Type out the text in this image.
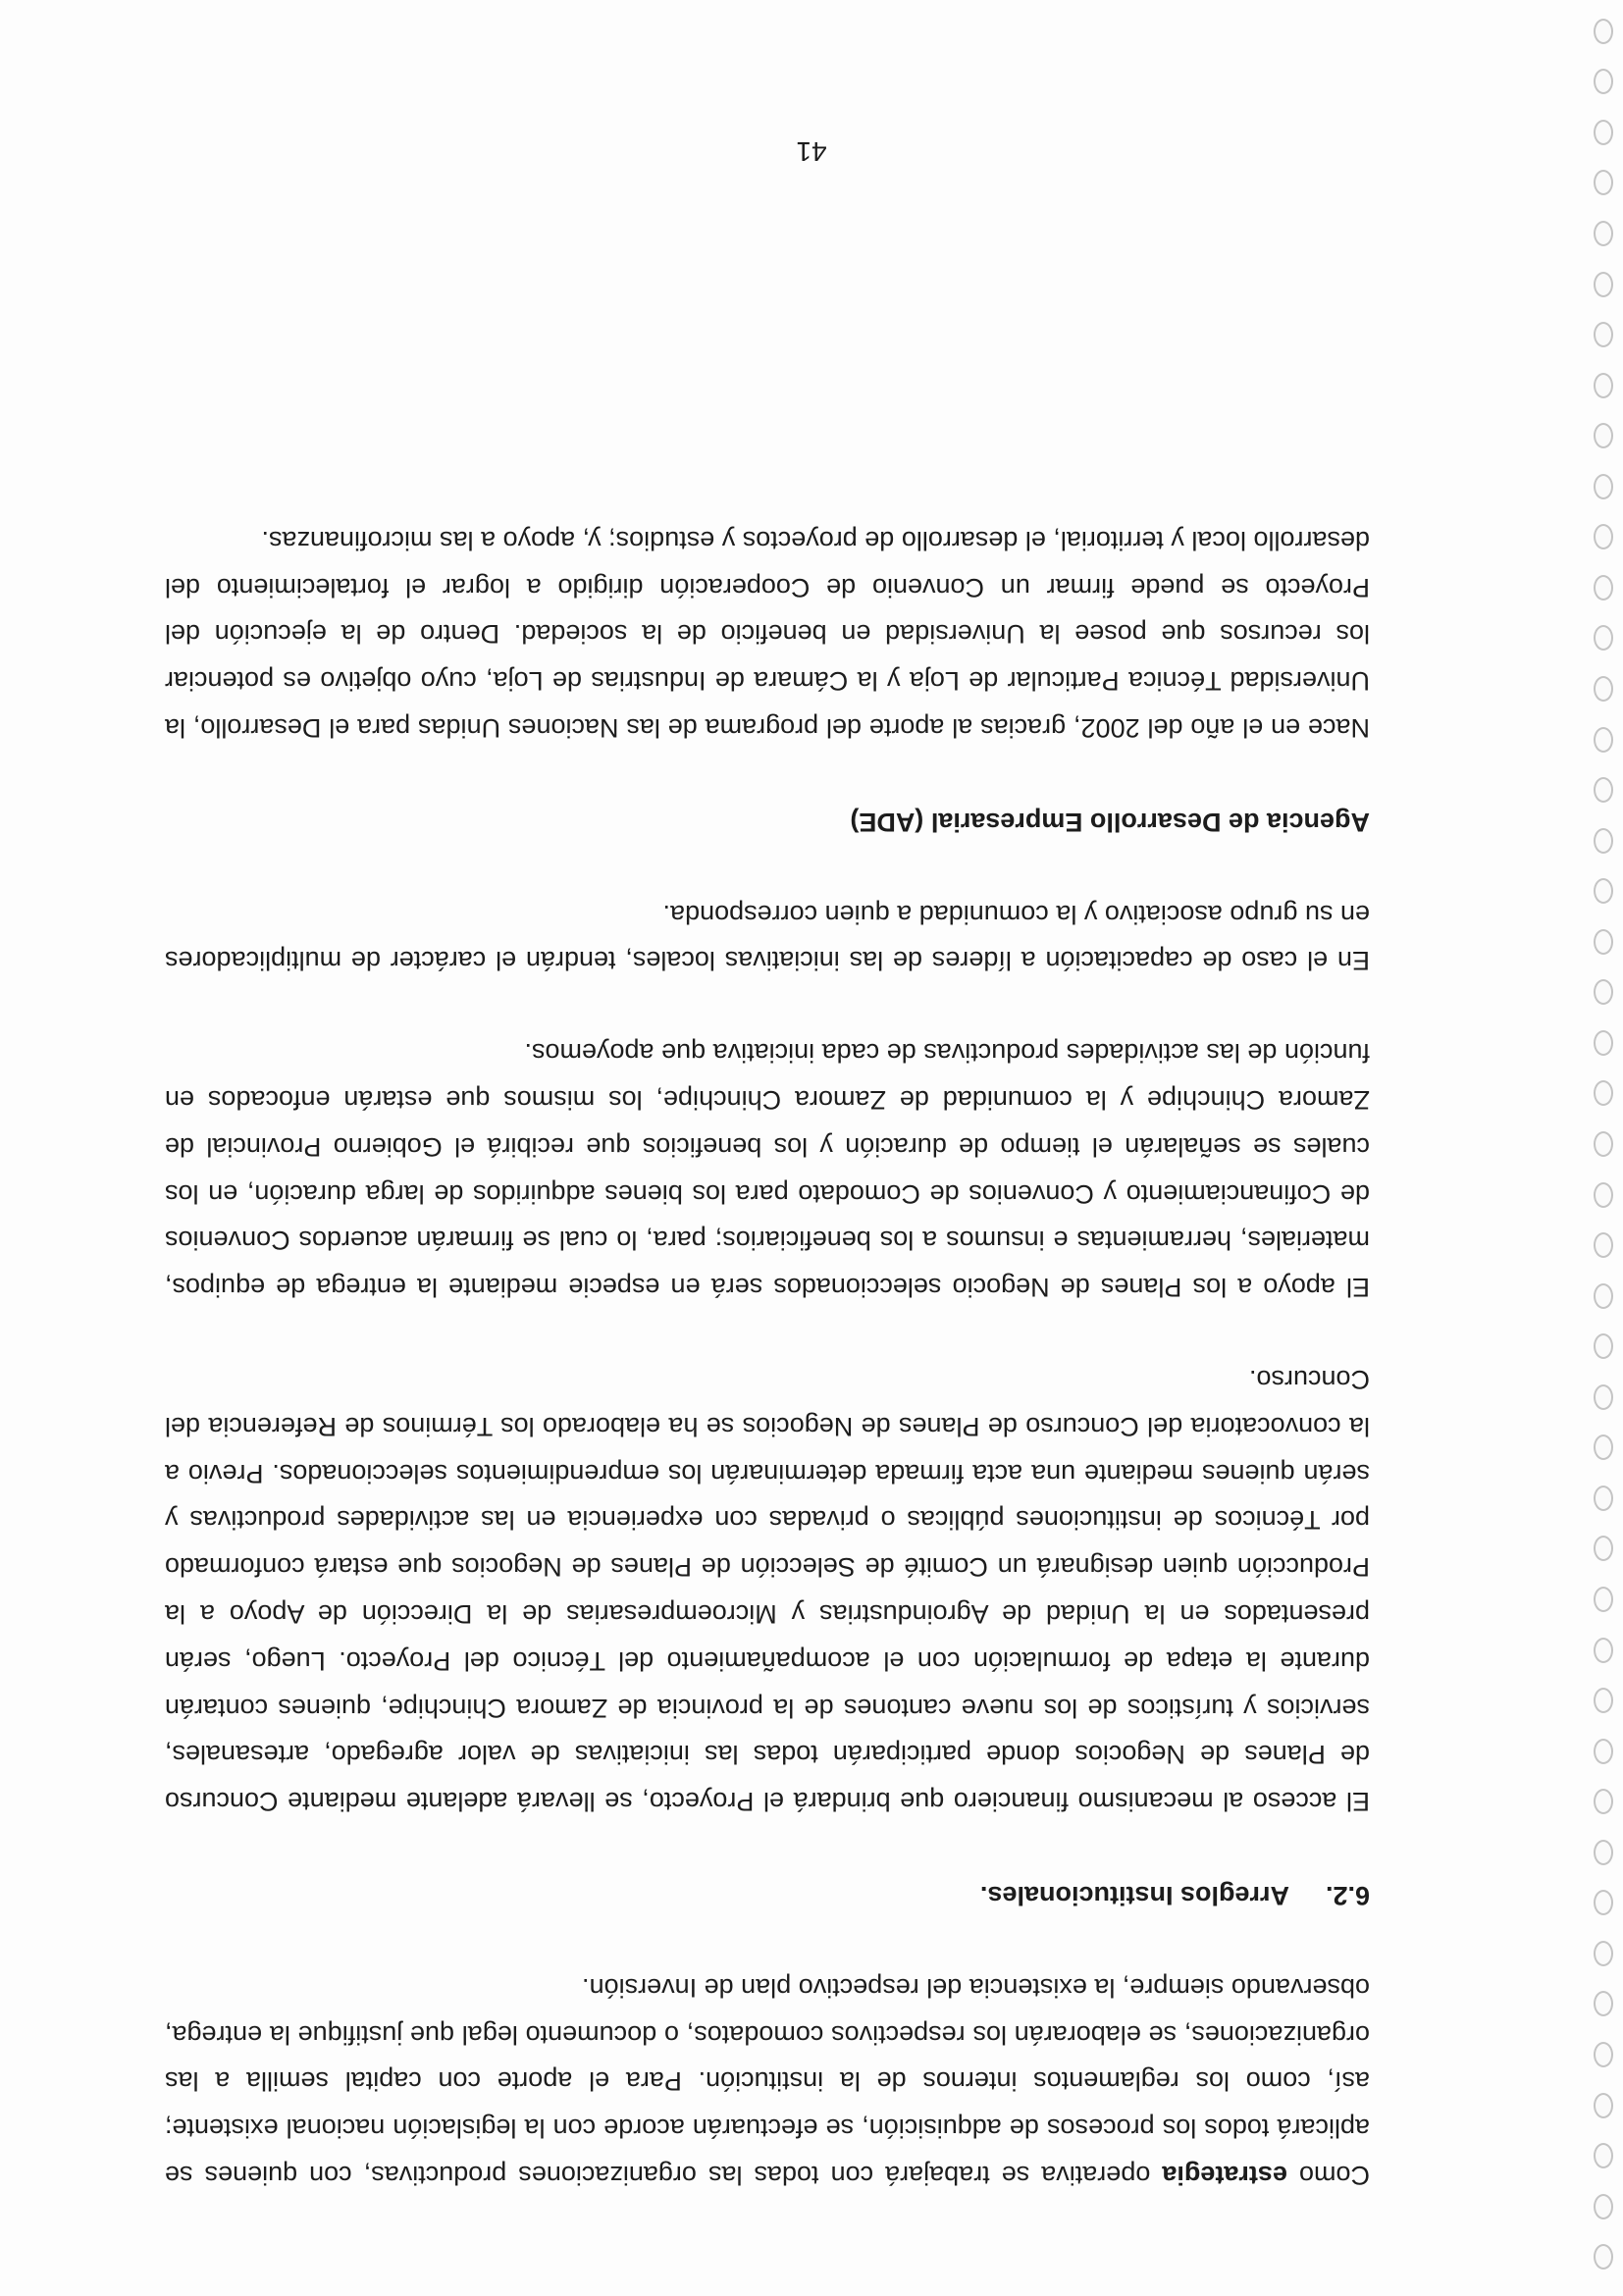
Como estrategia operativa se trabajará con todas las organizaciones productivas, con quienes se aplicará todos los procesos de adquisición, se efectuarán acorde con la legislación nacional existente; así, como los reglamentos internos de la institución. Para el aporte con capital semilla a las organizaciones, se elaborarán los respectivos comodatos, o documento legal que justifique la entrega, observando siempre, la existencia del respectivo plan de Inversión.

6.2.Arreglos Institucionales.

El acceso al mecanismo financiero que brindará el Proyecto, se llevará adelante mediante Concurso de Planes de Negocios donde participarán todas las iniciativas de valor agregado, artesanales, servicios y turísticos de los nueve cantones de la provincia de Zamora Chinchipe, quienes contarán durante la etapa de formulación con el acompañamiento del Técnico del Proyecto. Luego, serán presentados en la Unidad de Agroindustrias y Microempresarias de la Dirección de Apoyo a la Producción quien designará un Comité de Selección de Planes de Negocios que estará conformado por Técnicos de instituciones públicas o privadas con experiencia en las actividades productivas y serán quienes mediante una acta firmada determinarán los emprendimientos seleccionados. Previo a la convocatoria del Concurso de Planes de Negocios se ha elaborado los Términos de Referencia del Concurso.

El apoyo a los Planes de Negocio seleccionados será en especie mediante la entrega de equipos, materiales, herramientas e insumos a los beneficiarios; para, lo cual se firmarán acuerdos Convenios de Cofinanciamiento y Convenios de Comodato para los bienes adquiridos de larga duración, en los cuales se señalarán el tiempo de duración y los beneficios que recibirá el Gobierno Provincial de Zamora Chinchipe y la comunidad de Zamora Chinchipe, los mismos que estarán enfocados en función de las actividades productivas de cada iniciativa que apoyemos.

En el caso de capacitación a líderes de las iniciativas locales, tendrán el carácter de multiplicadores en su grupo asociativo y la comunidad a quien corresponda.

Agencia de Desarrollo Empresarial (ADE)

Nace en el año del 2002, gracias al aporte del programa de las Naciones Unidas para el Desarrollo, la Universidad Técnica Particular de Loja y la Cámara de Industrias de Loja, cuyo objetivo es potenciar los recursos que posee la Universidad en beneficio de la sociedad. Dentro de la ejecución del Proyecto se puede firmar un Convenio de Cooperación dirigido a lograr el fortalecimiento del desarrollo local y territorial, el desarrollo de proyectos y estudios; y, apoyo a las microfinanzas.

41
